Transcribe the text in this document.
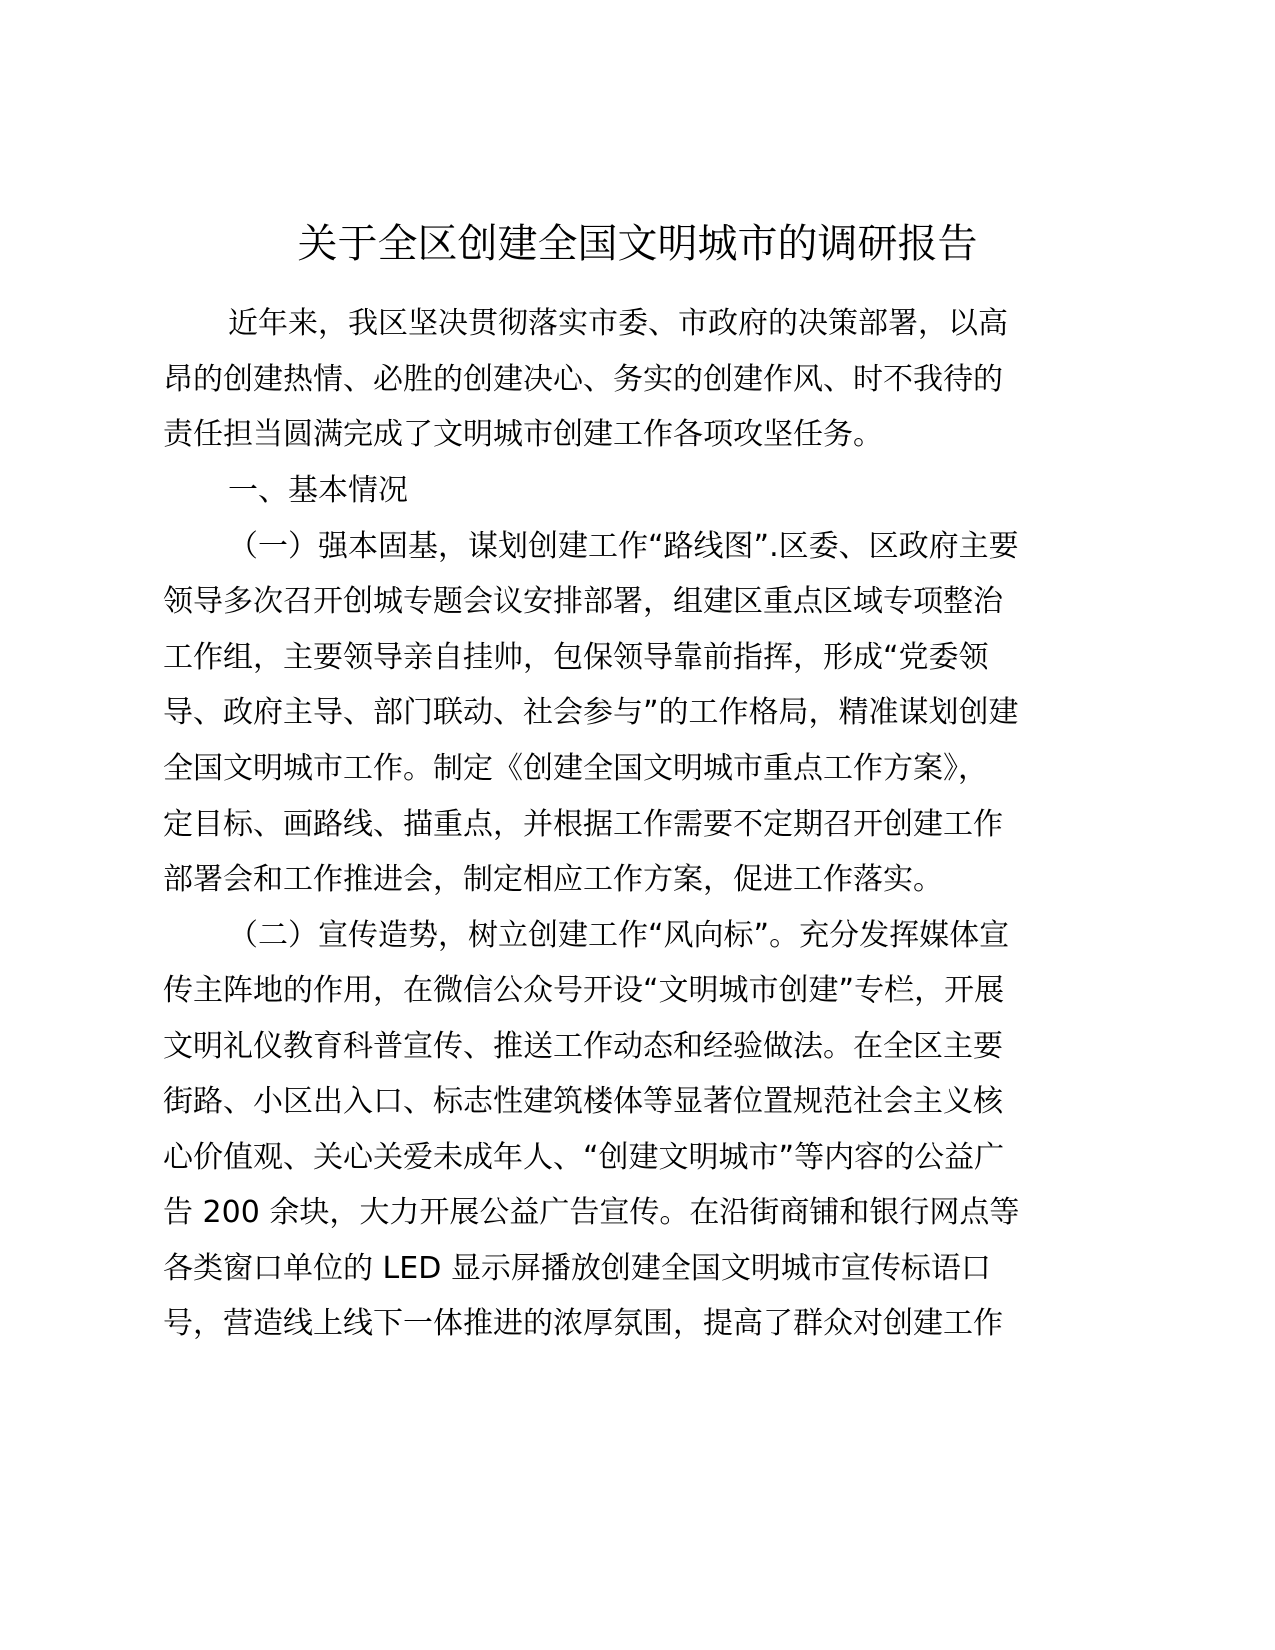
关于全区创建全国文明城市的调研报告

近年来，我区坚决贯彻落实市委、市政府的决策部署，以高

昂的创建热情、必胜的创建决心、务实的创建作风、时不我待的

责任担当圆满完成了文明城市创建工作各项攻坚任务。

一、基本情况

（一）强本固基，谋划创建工作“路线图”.区委、区政府主要

领导多次召开创城专题会议安排部署，组建区重点区域专项整治

工作组，主要领导亲自挂帅，包保领导靠前指挥，形成“党委领

导、政府主导、部门联动、社会参与”的工作格局，精准谋划创建

全国文明城市工作。制定《创建全国文明城市重点工作方案》，

定目标、画路线、描重点，并根据工作需要不定期召开创建工作

部署会和工作推进会，制定相应工作方案，促进工作落实。

（二）宣传造势，树立创建工作“风向标”。充分发挥媒体宣

传主阵地的作用，在微信公众号开设“文明城市创建”专栏，开展

文明礼仪教育科普宣传、推送工作动态和经验做法。在全区主要

街路、小区出入口、标志性建筑楼体等显著位置规范社会主义核

心价值观、关心关爱未成年人、“创建文明城市”等内容的公益广

告 200 余块，大力开展公益广告宣传。在沿街商铺和银行网点等

各类窗口单位的 LED 显示屏播放创建全国文明城市宣传标语口

号，营造线上线下一体推进的浓厚氛围，提高了群众对创建工作
